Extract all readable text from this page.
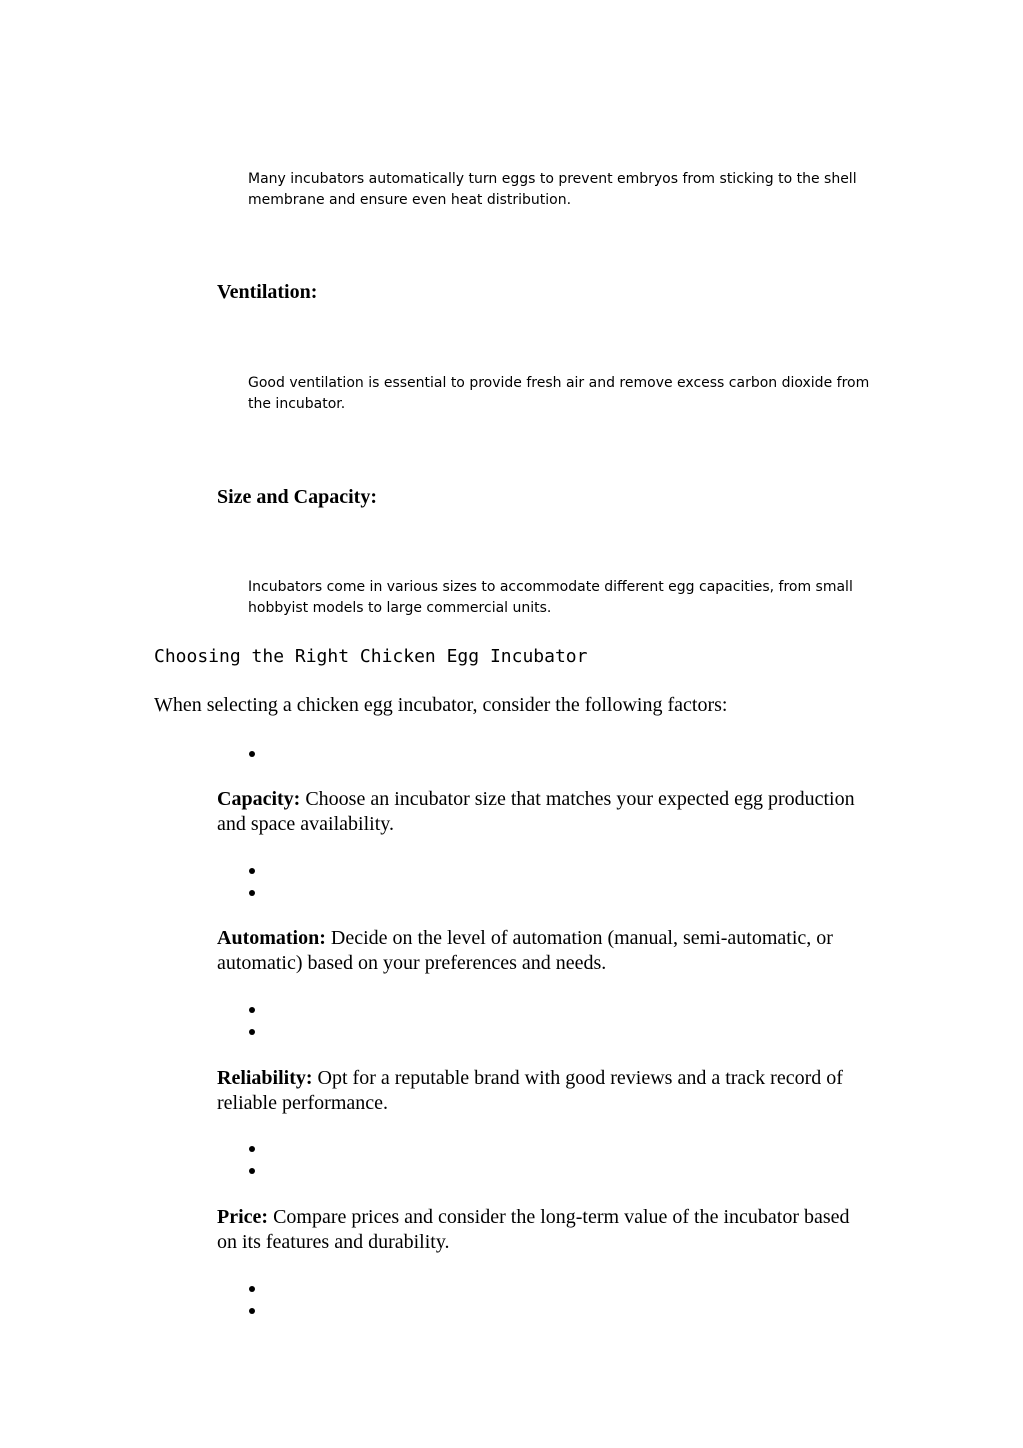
Many incubators automatically turn eggs to prevent embryos from sticking to the shell membrane and ensure even heat distribution.
Ventilation:
Good ventilation is essential to provide fresh air and remove excess carbon dioxide from the incubator.
Size and Capacity:
Incubators come in various sizes to accommodate different egg capacities, from small hobbyist models to large commercial units.
Choosing the Right Chicken Egg Incubator
When selecting a chicken egg incubator, consider the following factors:
Capacity: Choose an incubator size that matches your expected egg production and space availability.
Automation: Decide on the level of automation (manual, semi-automatic, or automatic) based on your preferences and needs.
Reliability: Opt for a reputable brand with good reviews and a track record of reliable performance.
Price: Compare prices and consider the long-term value of the incubator based on its features and durability.
